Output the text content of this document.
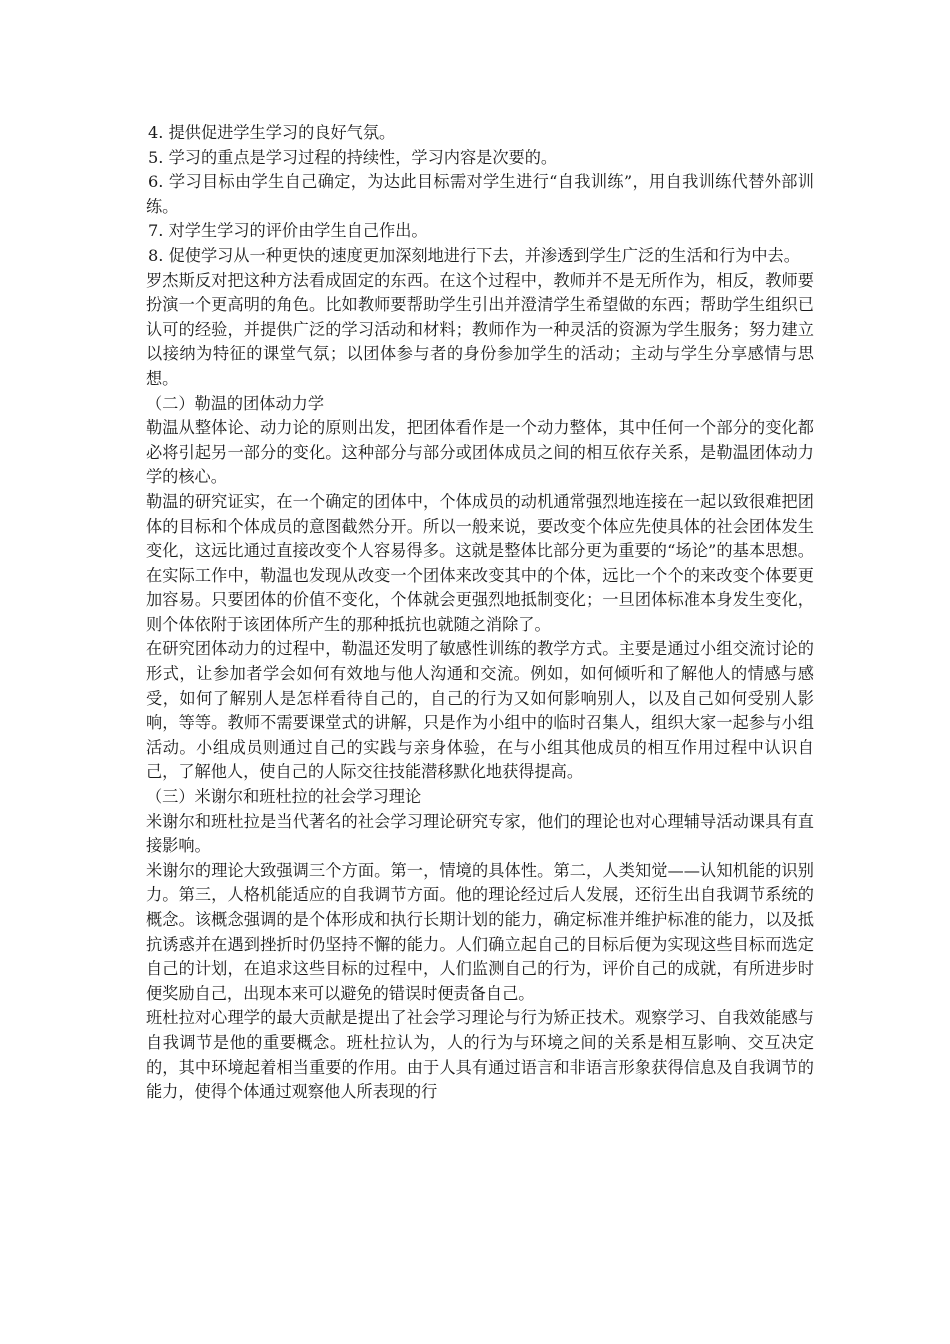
4. 提供促进学生学习的良好气氛。

5. 学习的重点是学习过程的持续性，学习内容是次要的。

6. 学习目标由学生自己确定，为达此目标需对学生进行“自我训练”，用自我训练代替外部训练。

7. 对学生学习的评价由学生自己作出。

8. 促使学习从一种更快的速度更加深刻地进行下去，并渗透到学生广泛的生活和行为中去。

罗杰斯反对把这种方法看成固定的东西。在这个过程中，教师并不是无所作为，相反，教师要扮演一个更高明的角色。比如教师要帮助学生引出并澄清学生希望做的东西；帮助学生组织已认可的经验，并提供广泛的学习活动和材料；教师作为一种灵活的资源为学生服务；努力建立以接纳为特征的课堂气氛；以团体参与者的身份参加学生的活动；主动与学生分享感情与思想。

（二）勒温的团体动力学

勒温从整体论、动力论的原则出发，把团体看作是一个动力整体，其中任何一个部分的变化都必将引起另一部分的变化。这种部分与部分或团体成员之间的相互依存关系，是勒温团体动力学的核心。

勒温的研究证实，在一个确定的团体中，个体成员的动机通常强烈地连接在一起以致很难把团体的目标和个体成员的意图截然分开。所以一般来说，要改变个体应先使具体的社会团体发生变化，这远比通过直接改变个人容易得多。这就是整体比部分更为重要的“场论”的基本思想。在实际工作中，勒温也发现从改变一个团体来改变其中的个体，远比一个个的来改变个体要更加容易。只要团体的价值不变化，个体就会更强烈地抵制变化；一旦团体标准本身发生变化，则个体依附于该团体所产生的那种抵抗也就随之消除了。

在研究团体动力的过程中，勒温还发明了敏感性训练的教学方式。主要是通过小组交流讨论的形式，让参加者学会如何有效地与他人沟通和交流。例如，如何倾听和了解他人的情感与感受，如何了解别人是怎样看待自己的，自己的行为又如何影响别人，以及自己如何受别人影响，等等。教师不需要课堂式的讲解，只是作为小组中的临时召集人，组织大家一起参与小组活动。小组成员则通过自己的实践与亲身体验，在与小组其他成员的相互作用过程中认识自己，了解他人，使自己的人际交往技能潜移默化地获得提高。

（三）米谢尔和班杜拉的社会学习理论

米谢尔和班杜拉是当代著名的社会学习理论研究专家，他们的理论也对心理辅导活动课具有直接影响。

米谢尔的理论大致强调三个方面。第一，情境的具体性。第二，人类知觉——认知机能的识别力。第三，人格机能适应的自我调节方面。他的理论经过后人发展，还衍生出自我调节系统的概念。该概念强调的是个体形成和执行长期计划的能力，确定标准并维护标准的能力，以及抵抗诱惑并在遇到挫折时仍坚持不懈的能力。人们确立起自己的目标后便为实现这些目标而选定自己的计划，在追求这些目标的过程中，人们监测自己的行为，评价自己的成就，有所进步时便奖励自己，出现本来可以避免的错误时便责备自己。

班杜拉对心理学的最大贡献是提出了社会学习理论与行为矫正技术。观察学习、自我效能感与自我调节是他的重要概念。班杜拉认为，人的行为与环境之间的关系是相互影响、交互决定的，其中环境起着相当重要的作用。由于人具有通过语言和非语言形象获得信息及自我调节的能力，使得个体通过观察他人所表现的行
